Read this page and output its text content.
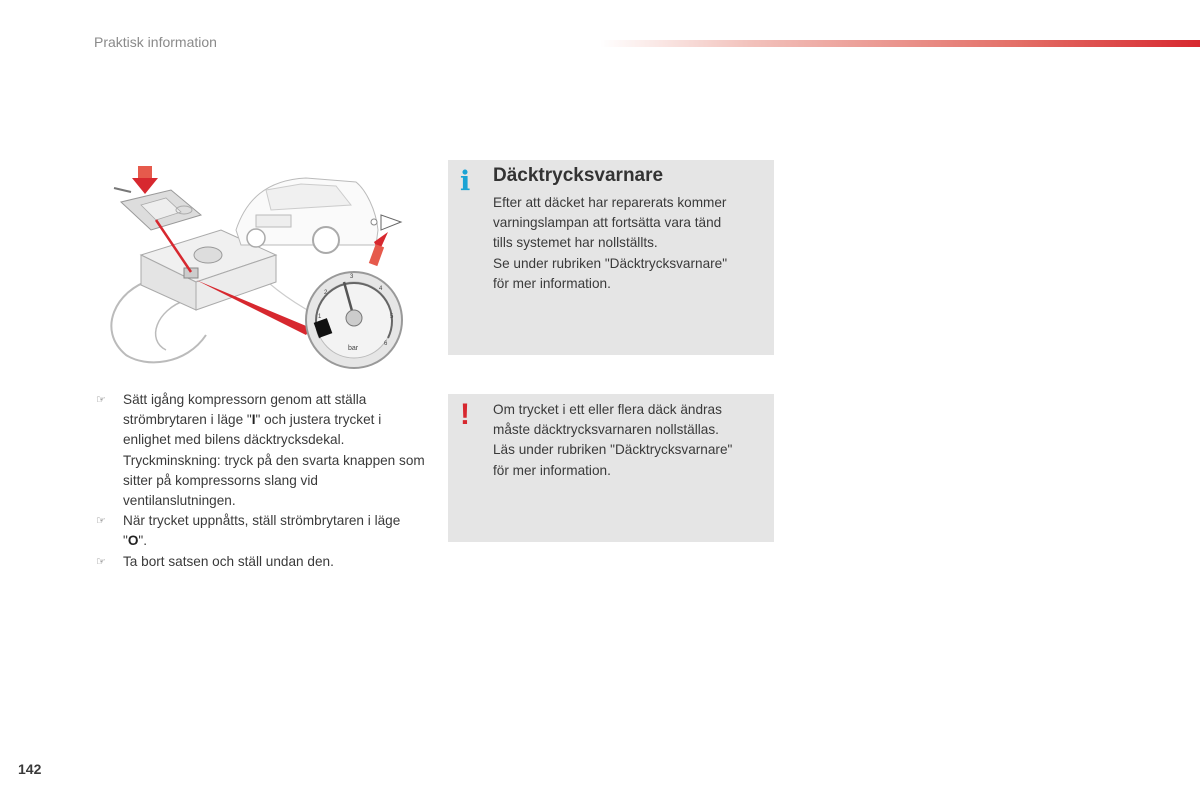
Praktisk information
1
2
3
4
5
6
bar
☞ Sätt igång kompressorn genom att ställa strömbrytaren i läge "I" och justera trycket i enlighet med bilens däcktrycksdekal.
Tryckminskning: tryck på den svarta knappen som sitter på kompressorns slang vid ventilanslutningen.
☞ När trycket uppnåtts, ställ strömbrytaren i läge "O".
☞ Ta bort satsen och ställ undan den.
i Däcktrycksvarnare

Efter att däcket har reparerats kommer
varningslampan att fortsätta vara tänd
tills systemet har nollställts.
Se under rubriken "Däcktrycksvarnare"
för mer information.

! Om trycket i ett eller flera däck ändras
måste däcktrycksvarnaren nollställas.
Läs under rubriken "Däcktrycksvarnare"
för mer information.

142
